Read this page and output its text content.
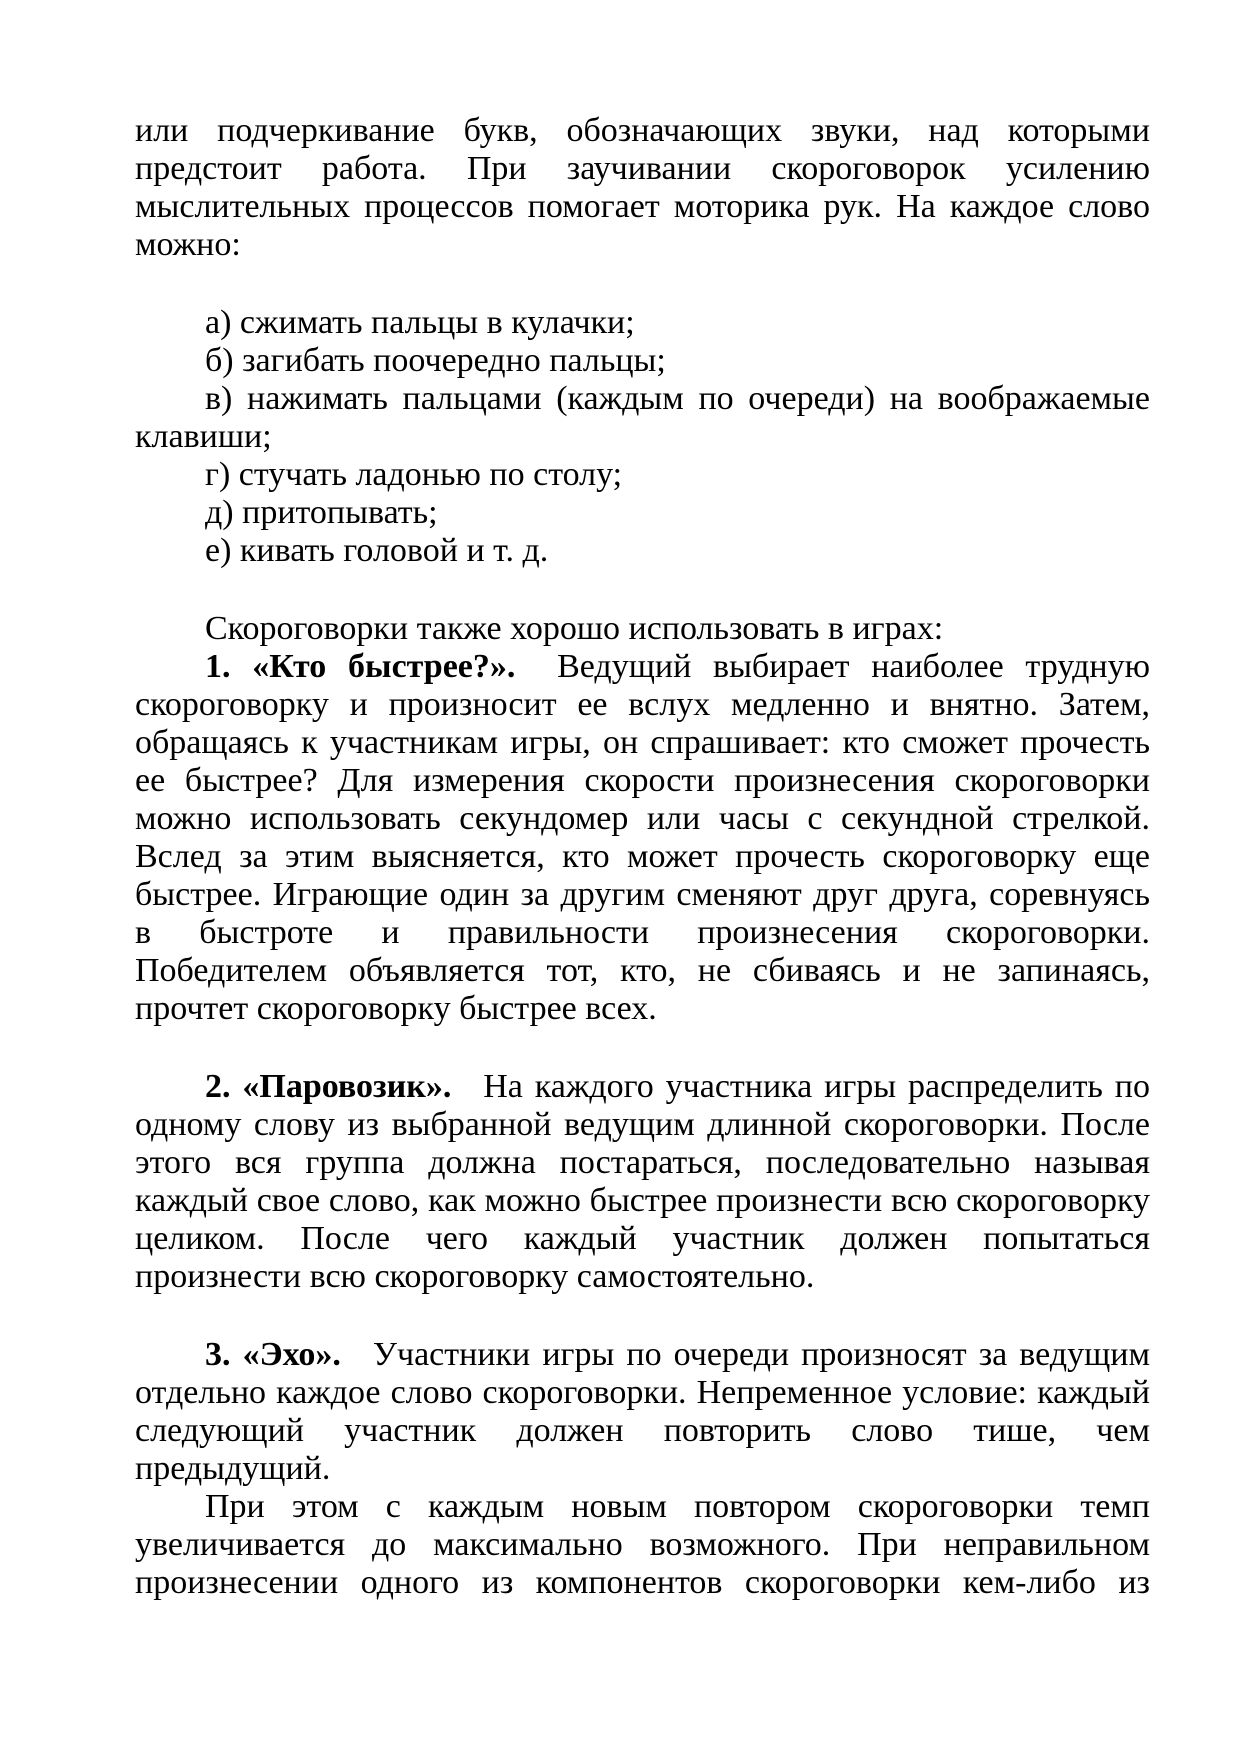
или подчеркивание букв, обозначающих звуки, над которыми предстоит работа. При заучивании скороговорок усилению мыслительных процессов помогает моторика рук. На каждое слово можно:

а) сжимать пальцы в кулачки;

б) загибать поочередно пальцы;

в) нажимать пальцами (каждым по очереди) на воображаемые клавиши;

г) стучать ладонью по столу;

д) притопывать;

е) кивать головой и т. д.

Скороговорки также хорошо использовать в играх:

1. «Кто быстрее?». Ведущий выбирает наиболее трудную скороговорку и произносит ее вслух медленно и внятно. Затем, обращаясь к участникам игры, он спрашивает: кто сможет прочесть ее быстрее? Для измерения скорости произнесения скороговорки можно использовать секундомер или часы с секундной стрелкой. Вслед за этим выясняется, кто может прочесть скороговорку еще быстрее. Играющие один за другим сменяют друг друга, соревнуясь в быстроте и правильности произнесения скороговорки. Победителем объявляется тот, кто, не сбиваясь и не запинаясь, прочтет скороговорку быстрее всех.

2. «Паровозик». На каждого участника игры распределить по одному слову из выбранной ведущим длинной скороговорки. После этого вся группа должна постараться, последовательно называя каждый свое слово, как можно быстрее произнести всю скороговорку целиком. После чего каждый участник должен попытаться произнести всю скороговорку самостоятельно.

3. «Эхо». Участники игры по очереди произносят за ведущим отдельно каждое слово скороговорки. Непременное условие: каждый следующий участник должен повторить слово тише, чем предыдущий.

При этом с каждым новым повтором скороговорки темп увеличивается до максимально возможного. При неправильном произнесении одного из компонентов скороговорки кем-либо из
